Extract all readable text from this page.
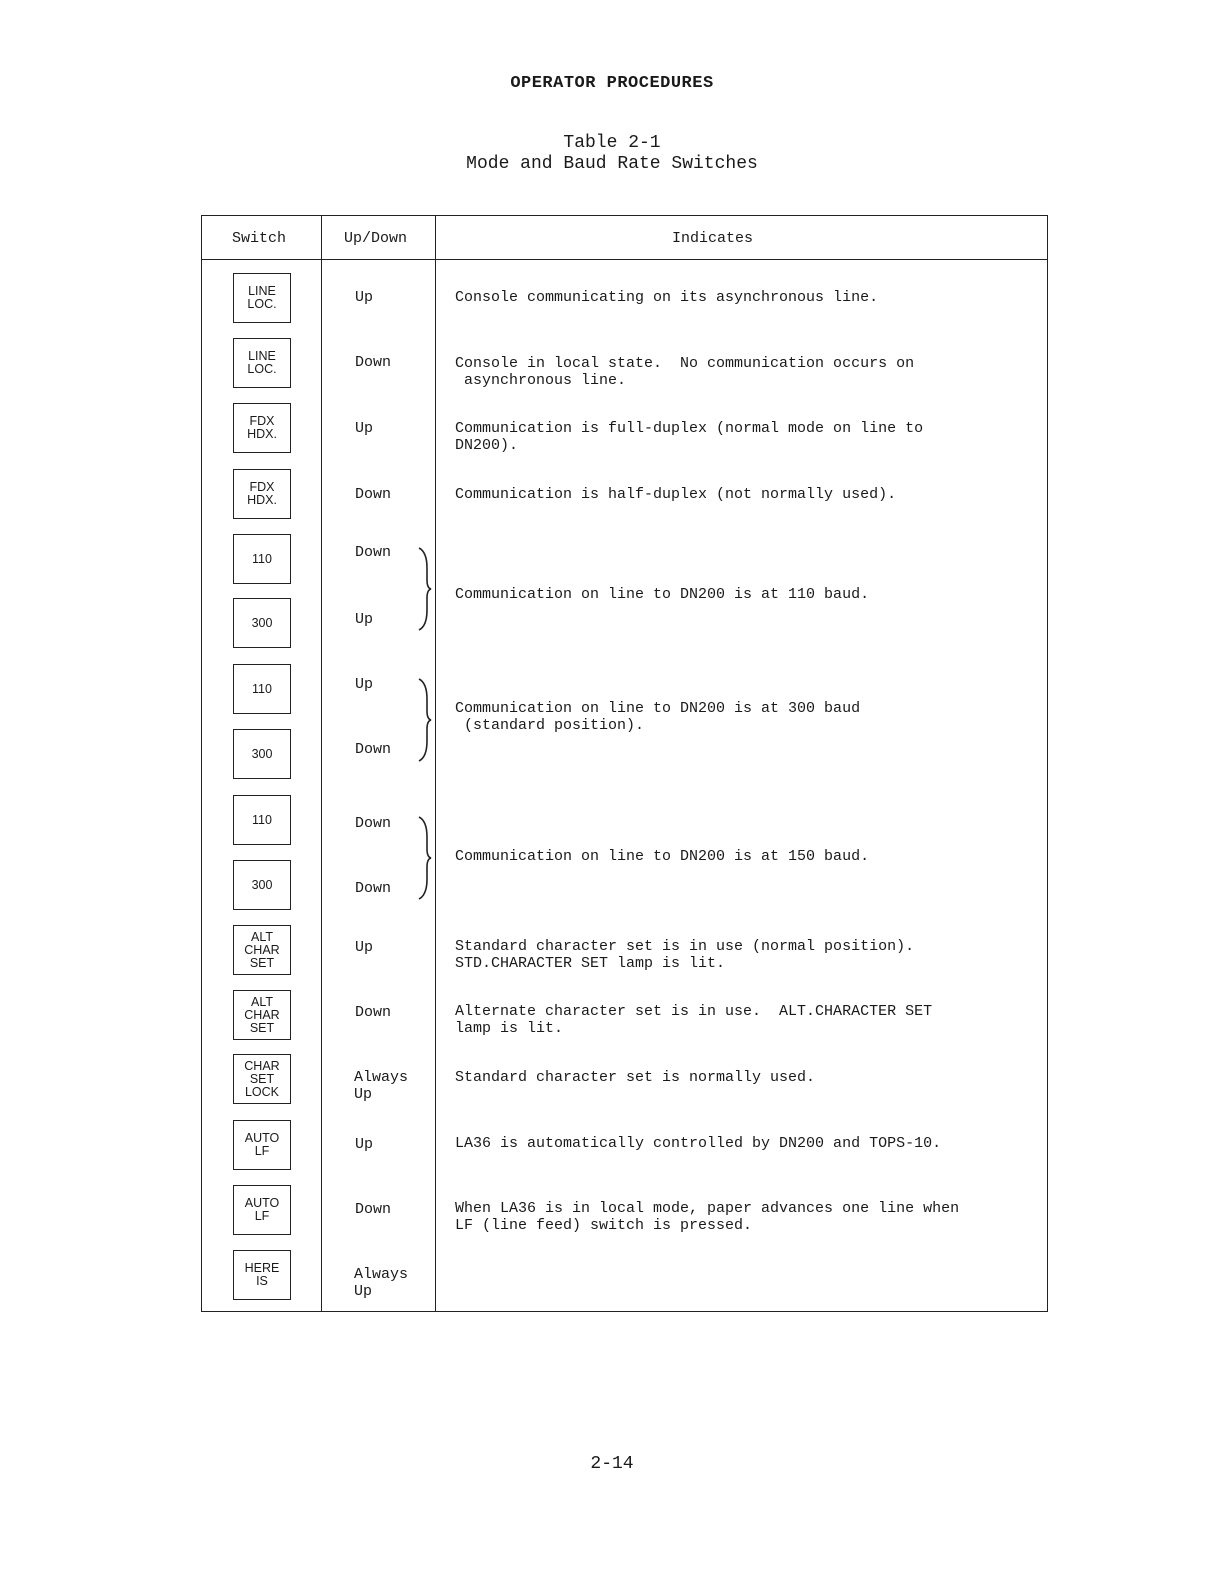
OPERATOR PROCEDURES
Table 2-1
Mode and Baud Rate Switches
Switch	Up/Down	Indicates
LINE
LOC.
LINE
LOC.
FDX
HDX.
FDX
HDX.
110
300
110
300
110
300
ALT
CHAR
SET
ALT
CHAR
SET
CHAR
SET
LOCK
AUTO
LF
AUTO
LF
HERE
IS
Up
Down
Up
Down
Down
Up
Up
Down
Down
Down
Up
Down
Always
Up
Up
Down
Always
Up
Console communicating on its asynchronous line.
Console in local state.  No communication occurs on
asynchronous line.
Communication is full-duplex (normal mode on line to
DN200).
Communication is half-duplex (not normally used).
Communication on line to DN200 is at 110 baud.
Communication on line to DN200 is at 300 baud
(standard position).
Communication on line to DN200 is at 150 baud.
Standard character set is in use (normal position).
STD.CHARACTER SET lamp is lit.
Alternate character set is in use.  ALT.CHARACTER SET
lamp is lit.
Standard character set is normally used.
LA36 is automatically controlled by DN200 and TOPS-10.
When LA36 is in local mode, paper advances one line when
LF (line feed) switch is pressed.
2-14
